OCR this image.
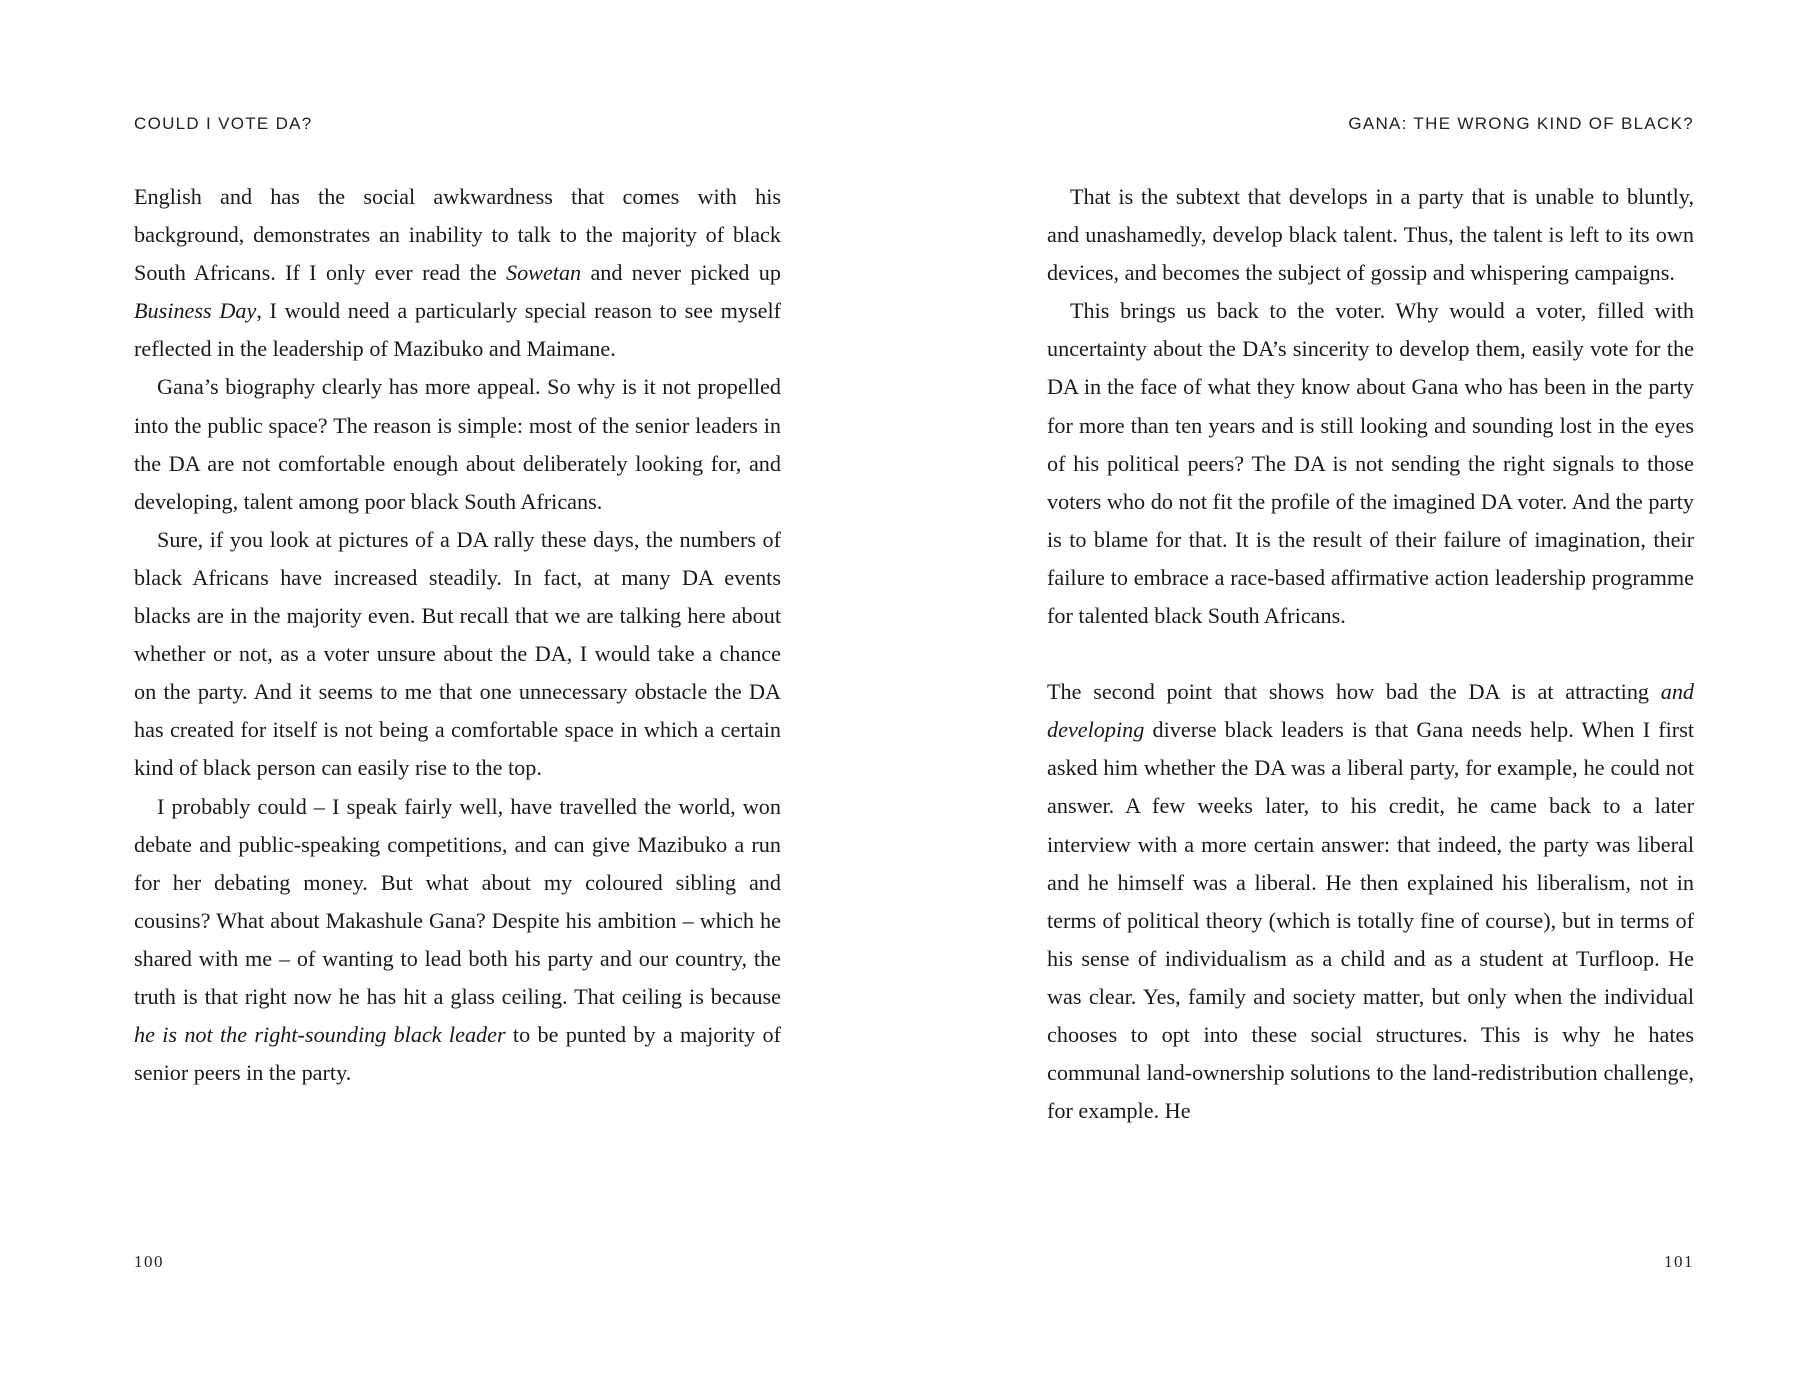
COULD I VOTE DA?

English and has the social awkwardness that comes with his background, demonstrates an inability to talk to the majority of black South Africans. If I only ever read the Sowetan and never picked up Business Day, I would need a particularly special reason to see myself reflected in the leadership of Mazibuko and Maimane.

Gana’s biography clearly has more appeal. So why is it not propelled into the public space? The reason is simple: most of the senior leaders in the DA are not comfortable enough about deliberately looking for, and developing, talent among poor black South Africans.

Sure, if you look at pictures of a DA rally these days, the numbers of black Africans have increased steadily. In fact, at many DA events blacks are in the majority even. But recall that we are talking here about whether or not, as a voter unsure about the DA, I would take a chance on the party. And it seems to me that one unnecessary obstacle the DA has created for itself is not being a comfortable space in which a certain kind of black person can easily rise to the top.

I probably could – I speak fairly well, have travelled the world, won debate and public-speaking competitions, and can give Mazibuko a run for her debating money. But what about my coloured sibling and cousins? What about Makashule Gana? Despite his ambition – which he shared with me – of wanting to lead both his party and our country, the truth is that right now he has hit a glass ceiling. That ceiling is because he is not the right-sounding black leader to be punted by a majority of senior peers in the party.

100
GANA: THE WRONG KIND OF BLACK?

That is the subtext that develops in a party that is unable to bluntly, and unashamedly, develop black talent. Thus, the talent is left to its own devices, and becomes the subject of gossip and whispering campaigns.

This brings us back to the voter. Why would a voter, filled with uncertainty about the DA’s sincerity to develop them, easily vote for the DA in the face of what they know about Gana who has been in the party for more than ten years and is still looking and sounding lost in the eyes of his political peers? The DA is not sending the right signals to those voters who do not fit the profile of the imagined DA voter. And the party is to blame for that. It is the result of their failure of imagination, their failure to embrace a race-based affirmative action leadership programme for talented black South Africans.

The second point that shows how bad the DA is at attracting and developing diverse black leaders is that Gana needs help. When I first asked him whether the DA was a liberal party, for example, he could not answer. A few weeks later, to his credit, he came back to a later interview with a more certain answer: that indeed, the party was liberal and he himself was a liberal. He then explained his liberalism, not in terms of political theory (which is totally fine of course), but in terms of his sense of individualism as a child and as a student at Turfloop. He was clear. Yes, family and society matter, but only when the individual chooses to opt into these social structures. This is why he hates communal land-ownership solutions to the land-redistribution challenge, for example. He

101
